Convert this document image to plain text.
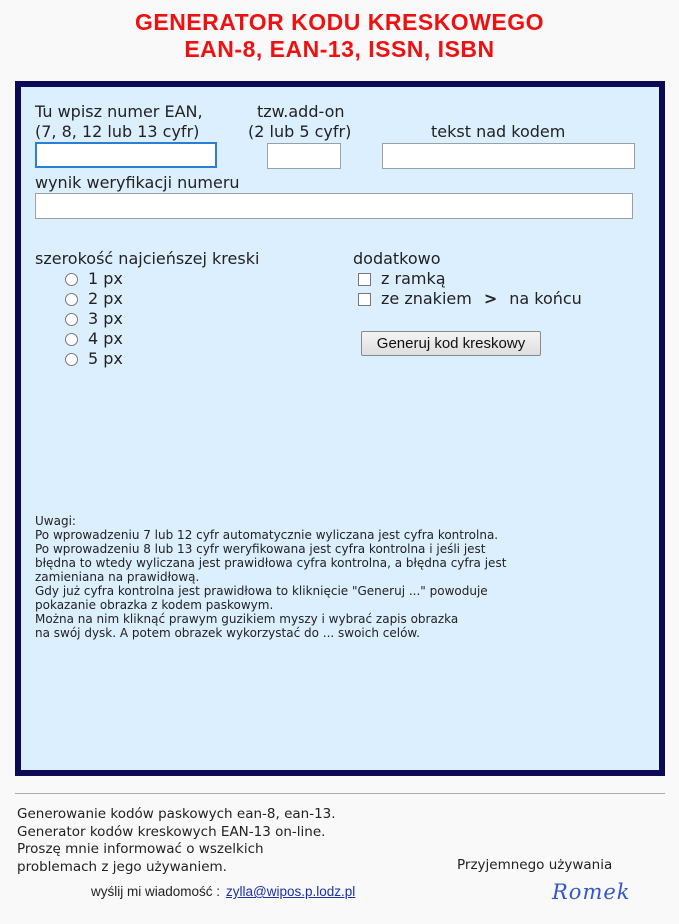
GENERATOR KODU KRESKOWEGO
EAN-8, EAN-13, ISSN, ISBN
Tu wpisz numer EAN,
(7, 8, 12 lub 13 cyfr)
tzw.add-on
(2 lub 5 cyfr)	tekst nad kodem
wynik weryfikacji numeru
szerokość najcieńszej kreski
1 px
2 px
3 px
4 px
5 px
dodatkowo
z ramką
ze znakiem > na końcu
Generuj kod kreskowy
Uwagi:
Po wprowadzeniu 7 lub 12 cyfr automatycznie wyliczana jest cyfra kontrolna.
Po wprowadzeniu 8 lub 13 cyfr weryfikowana jest cyfra kontrolna i jeśli jest
błędna to wtedy wyliczana jest prawidłowa cyfra kontrolna, a błędna cyfra jest
zamieniana na prawidłową.
Gdy już cyfra kontrolna jest prawidłowa to kliknięcie "Generuj ..." powoduje
pokazanie obrazka z kodem paskowym.
Można na nim kliknąć prawym guzikiem myszy i wybrać zapis obrazka
na swój dysk. A potem obrazek wykorzystać do ... swoich celów.
Generowanie kodów paskowych ean-8, ean-13.
Generator kodów kreskowych EAN-13 on-line.
Proszę mnie informować o wszelkich
problemach z jego używaniem.	Przyjemnego używania
wyślij mi wiadomość : zylla@wipos.p.lodz.pl	Romek
